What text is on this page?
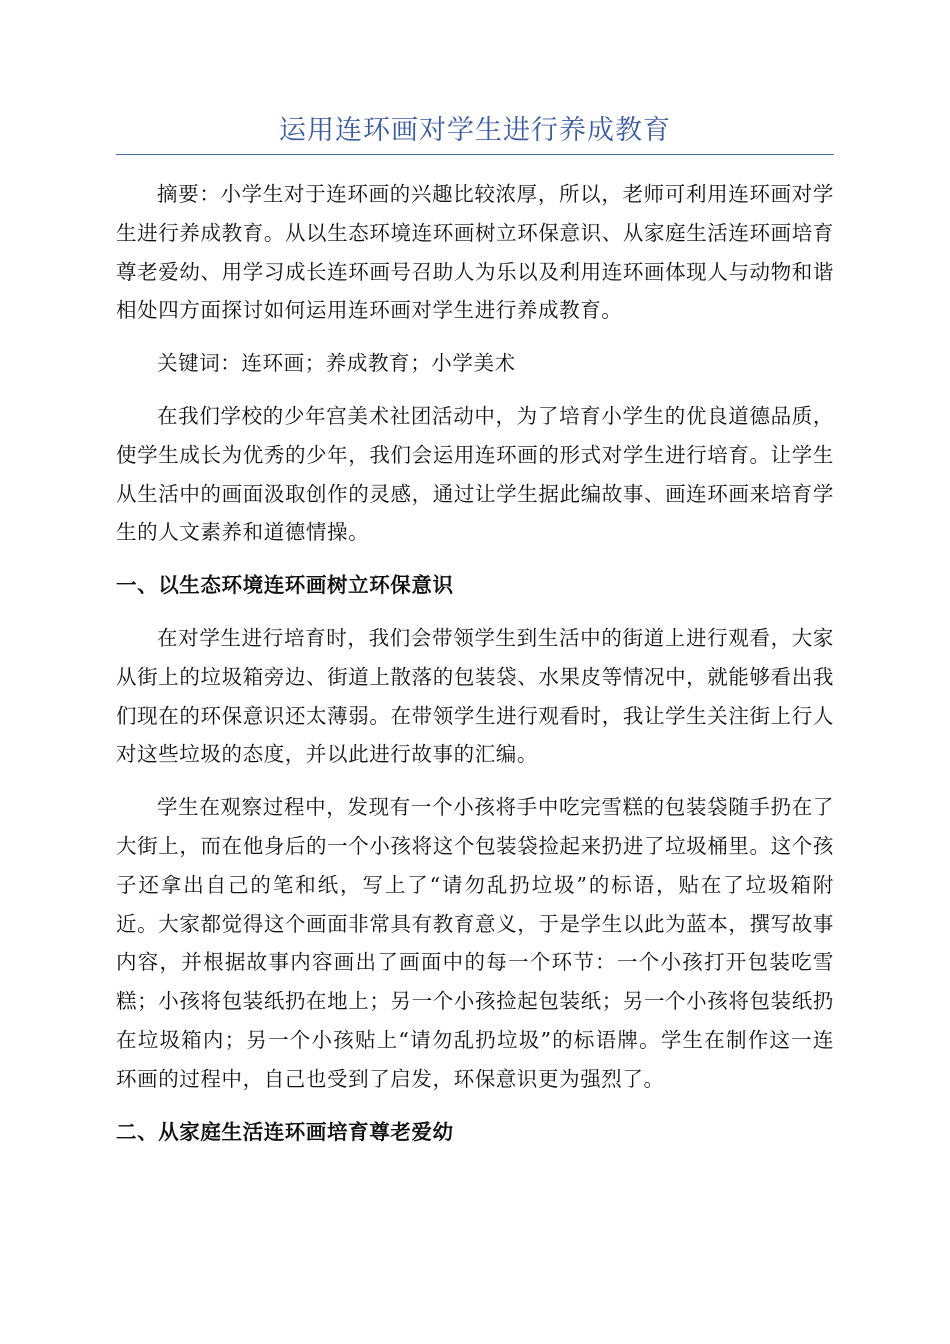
运用连环画对学生进行养成教育

摘要：小学生对于连环画的兴趣比较浓厚，所以，老师可利用连环画对学生进行养成教育。从以生态环境连环画树立环保意识、从家庭生活连环画培育尊老爱幼、用学习成长连环画号召助人为乐以及利用连环画体现人与动物和谐相处四方面探讨如何运用连环画对学生进行养成教育。

关键词：连环画；养成教育；小学美术

在我们学校的少年宫美术社团活动中，为了培育小学生的优良道德品质，使学生成长为优秀的少年，我们会运用连环画的形式对学生进行培育。让学生从生活中的画面汲取创作的灵感，通过让学生据此编故事、画连环画来培育学生的人文素养和道德情操。

一、以生态环境连环画树立环保意识

在对学生进行培育时，我们会带领学生到生活中的街道上进行观看，大家从街上的垃圾箱旁边、街道上散落的包装袋、水果皮等情况中，就能够看出我们现在的环保意识还太薄弱。在带领学生进行观看时，我让学生关注街上行人对这些垃圾的态度，并以此进行故事的汇编。

学生在观察过程中，发现有一个小孩将手中吃完雪糕的包装袋随手扔在了大街上，而在他身后的一个小孩将这个包装袋捡起来扔进了垃圾桶里。这个孩子还拿出自己的笔和纸，写上了“请勿乱扔垃圾”的标语，贴在了垃圾箱附近。大家都觉得这个画面非常具有教育意义，于是学生以此为蓝本，撰写故事内容，并根据故事内容画出了画面中的每一个环节：一个小孩打开包装吃雪糕；小孩将包装纸扔在地上；另一个小孩捡起包装纸；另一个小孩将包装纸扔在垃圾箱内；另一个小孩贴上“请勿乱扔垃圾”的标语牌。学生在制作这一连环画的过程中，自己也受到了启发，环保意识更为强烈了。

二、从家庭生活连环画培育尊老爱幼
